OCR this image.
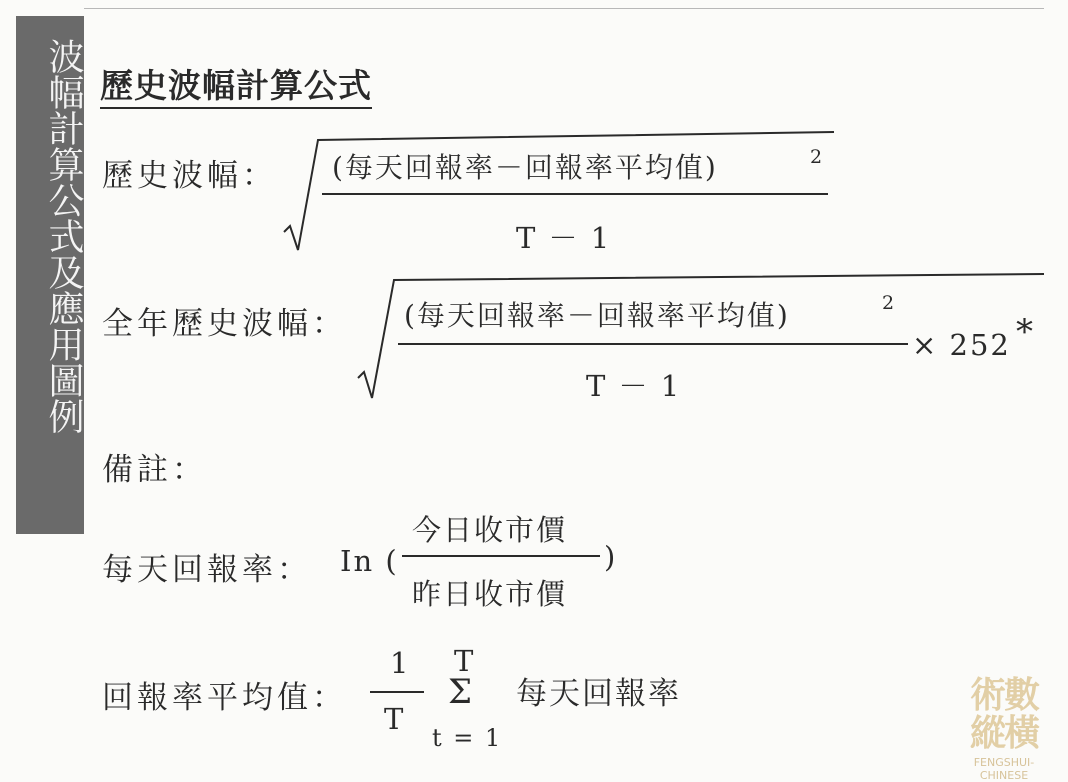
波幅計算公式及應用圖例 歷史波幅計算公式
歷史波幅： (每天回報率－回報率平均值)	2
T － 1
全年歷史波幅： (每天回報率－回報率平均值)	2
T － 1
× 252 *
備註：
每天回報率： In (
今日收市價
昨日收市價
)
回報率平均值：
1
T
T
Σ
t = 1
每天回報率	術數
縱橫
FENGSHUI-CHINESE
